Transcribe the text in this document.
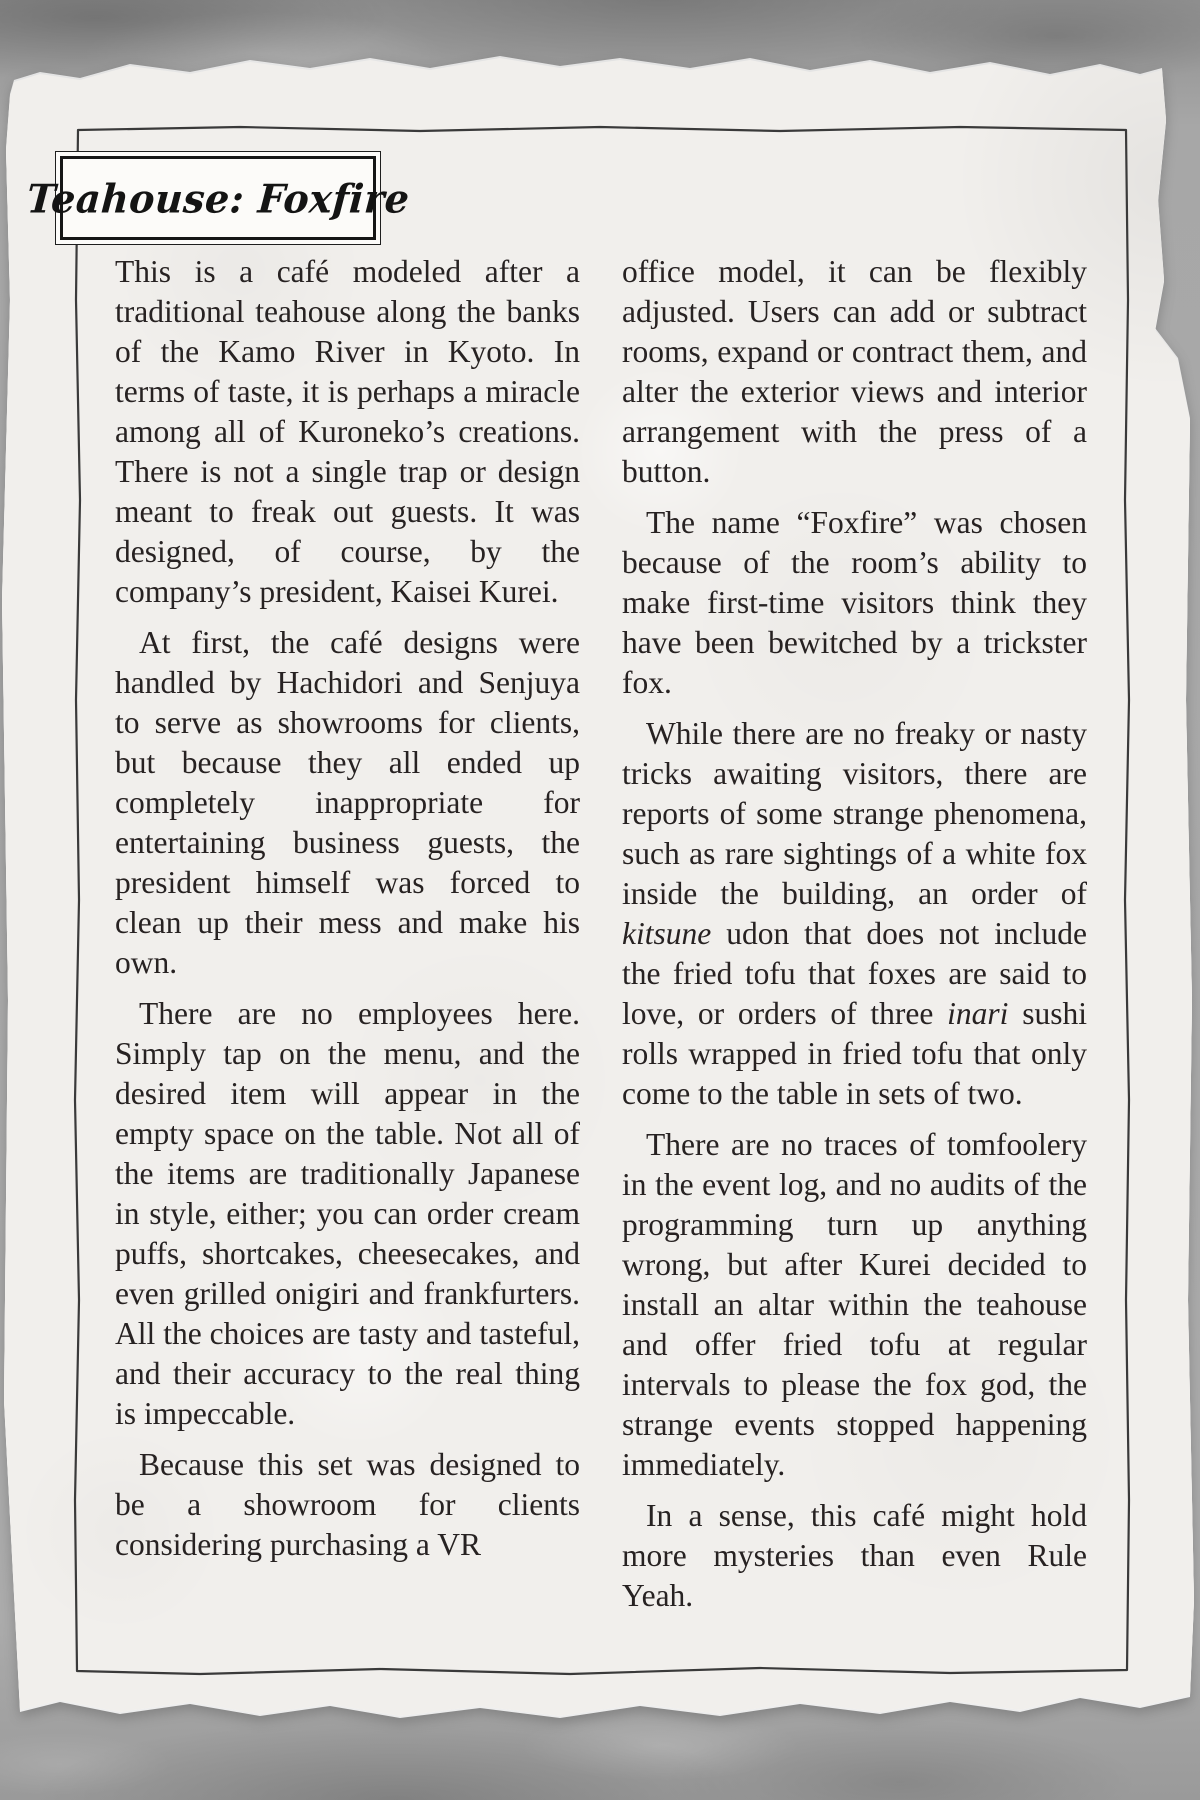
Teahouse: Foxfire

This is a café modeled after a traditional teahouse along the banks of the Kamo River in Kyoto. In terms of taste, it is perhaps a miracle among all of Kuroneko’s creations. There is not a single trap or design meant to freak out guests. It was designed, of course, by the company’s president, Kaisei Kurei.

At first, the café designs were handled by Hachidori and Senjuya to serve as showrooms for clients, but because they all ended up completely inappropriate for entertaining business guests, the president himself was forced to clean up their mess and make his own.

There are no employees here. Simply tap on the menu, and the desired item will appear in the empty space on the table. Not all of the items are traditionally Japanese in style, either; you can order cream puffs, shortcakes, cheesecakes, and even grilled onigiri and frankfurters. All the choices are tasty and tasteful, and their accuracy to the real thing is impeccable.

Because this set was designed to be a showroom for clients considering purchasing a VR

office model, it can be flexibly adjusted. Users can add or subtract rooms, expand or contract them, and alter the exterior views and interior arrangement with the press of a button.

The name “Foxfire” was chosen because of the room’s ability to make first-time visitors think they have been bewitched by a trickster fox.

While there are no freaky or nasty tricks awaiting visitors, there are reports of some strange phenomena, such as rare sightings of a white fox inside the building, an order of kitsune udon that does not include the fried tofu that foxes are said to love, or orders of three inari sushi rolls wrapped in fried tofu that only come to the table in sets of two.

There are no traces of tomfoolery in the event log, and no audits of the programming turn up anything wrong, but after Kurei decided to install an altar within the teahouse and offer fried tofu at regular intervals to please the fox god, the strange events stopped happening immediately.

In a sense, this café might hold more mysteries than even Rule Yeah.
